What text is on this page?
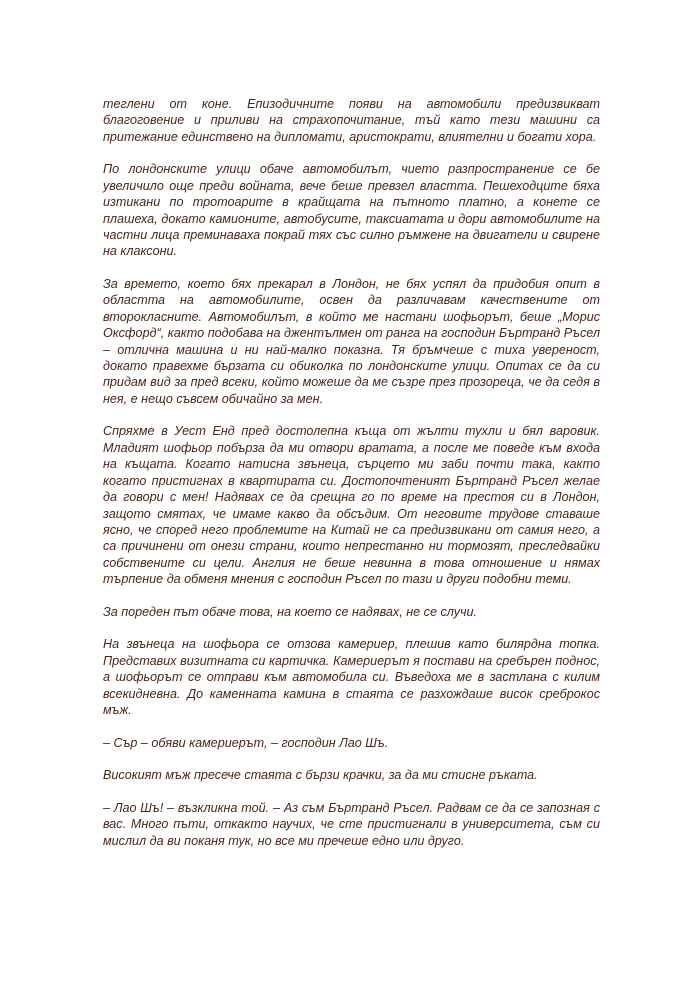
теглени от коне. Епизодичните появи на автомобили предизвикват благоговение и приливи на страхопочитание, тъй като тези машини са притежание единствено на дипломати, аристократи, влиятелни и богати хора.

По лондонските улици обаче автомобилът, чието разпространение се бе увеличило още преди войната, вече беше превзел властта. Пешеходците бяха изтикани по тротоарите в крайщата на пътното платно, а конете се плашеха, докато камионите, автобусите, таксиатата и дори автомобилите на частни лица преминаваха покрай тях със силно ръмжене на двигатели и свирене на клаксони.

За времето, което бях прекарал в Лондон, не бях успял да придобия опит в областта на автомобилите, освен да различавам качествените от второкласните. Автомобилът, в който ме настани шофьорът, беше „Морис Оксфорд“, както подобава на джентълмен от ранга на господин Бъртранд Ръсел – отлична машина и ни най-малко показна. Тя бръмчеше с тиха увереност, докато правехме бързата си обиколка по лондонските улици. Опитах се да си придам вид за пред всеки, който можеше да ме съзре през прозореца, че да седя в нея, е нещо съвсем обичайно за мен.

Спряхме в Уест Енд пред достолепна къща от жълти тухли и бял варовик. Младият шофьор побърза да ми отвори вратата, а после ме поведе към входа на къщата. Когато натисна звънеца, сърцето ми заби почти така, както когато пристигнах в квартирата си. Достопочтеният Бъртранд Ръсел желае да говори с мен! Надявах се да срещна го по време на престоя си в Лондон, защото смятах, че имаме какво да обсъдим. От неговите трудове ставаше ясно, че според него проблемите на Китай не са предизвикани от самия него, а са причинени от онези страни, които непрестанно ни тормозят, преследвайки собствените си цели. Англия не беше невинна в това отношение и нямах търпение да обменя мнения с господин Ръсел по тази и други подобни теми.

За пореден път обаче това, на което се надявах, не се случи.

На звънеца на шофьора се отзова камериер, плешив като билярдна топка. Представих визитната си картичка. Камериерът я постави на сребърен поднос, а шофьорът се отправи към автомобила си. Въведоха ме в застлана с килим всекидневна. До каменната камина в стаята се разхождаше висок среброкос мъж.

– Сър – обяви камериерът, – господин Лао Шъ.

Високият мъж пресече стаята с бързи крачки, за да ми стисне ръката.

– Лао Шъ! – възкликна той. – Аз съм Бъртранд Ръсел. Радвам се да се запозная с вас. Много пъти, откакто научих, че сте пристигнали в университета, съм си мислил да ви поканя тук, но все ми пречеше едно или друго.
